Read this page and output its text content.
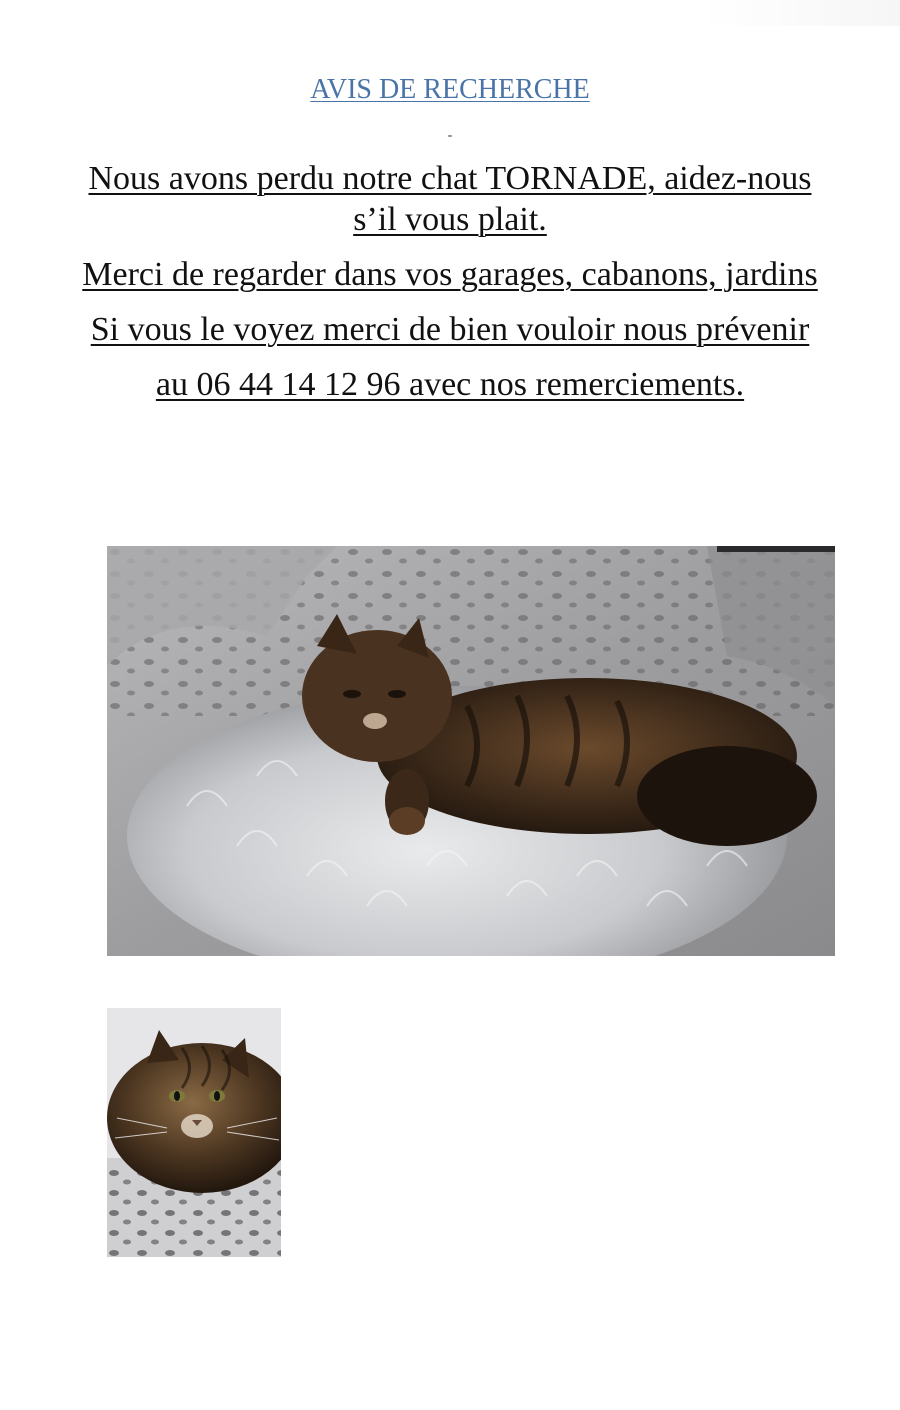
AVIS DE RECHERCHE
-

Nous avons perdu notre chat TORNADE, aidez-nous s’il vous plait.

Merci de regarder dans vos garages, cabanons, jardins

Si vous le voyez merci de bien vouloir nous prévenir

au 06 44 14 12 96 avec nos remerciements.
